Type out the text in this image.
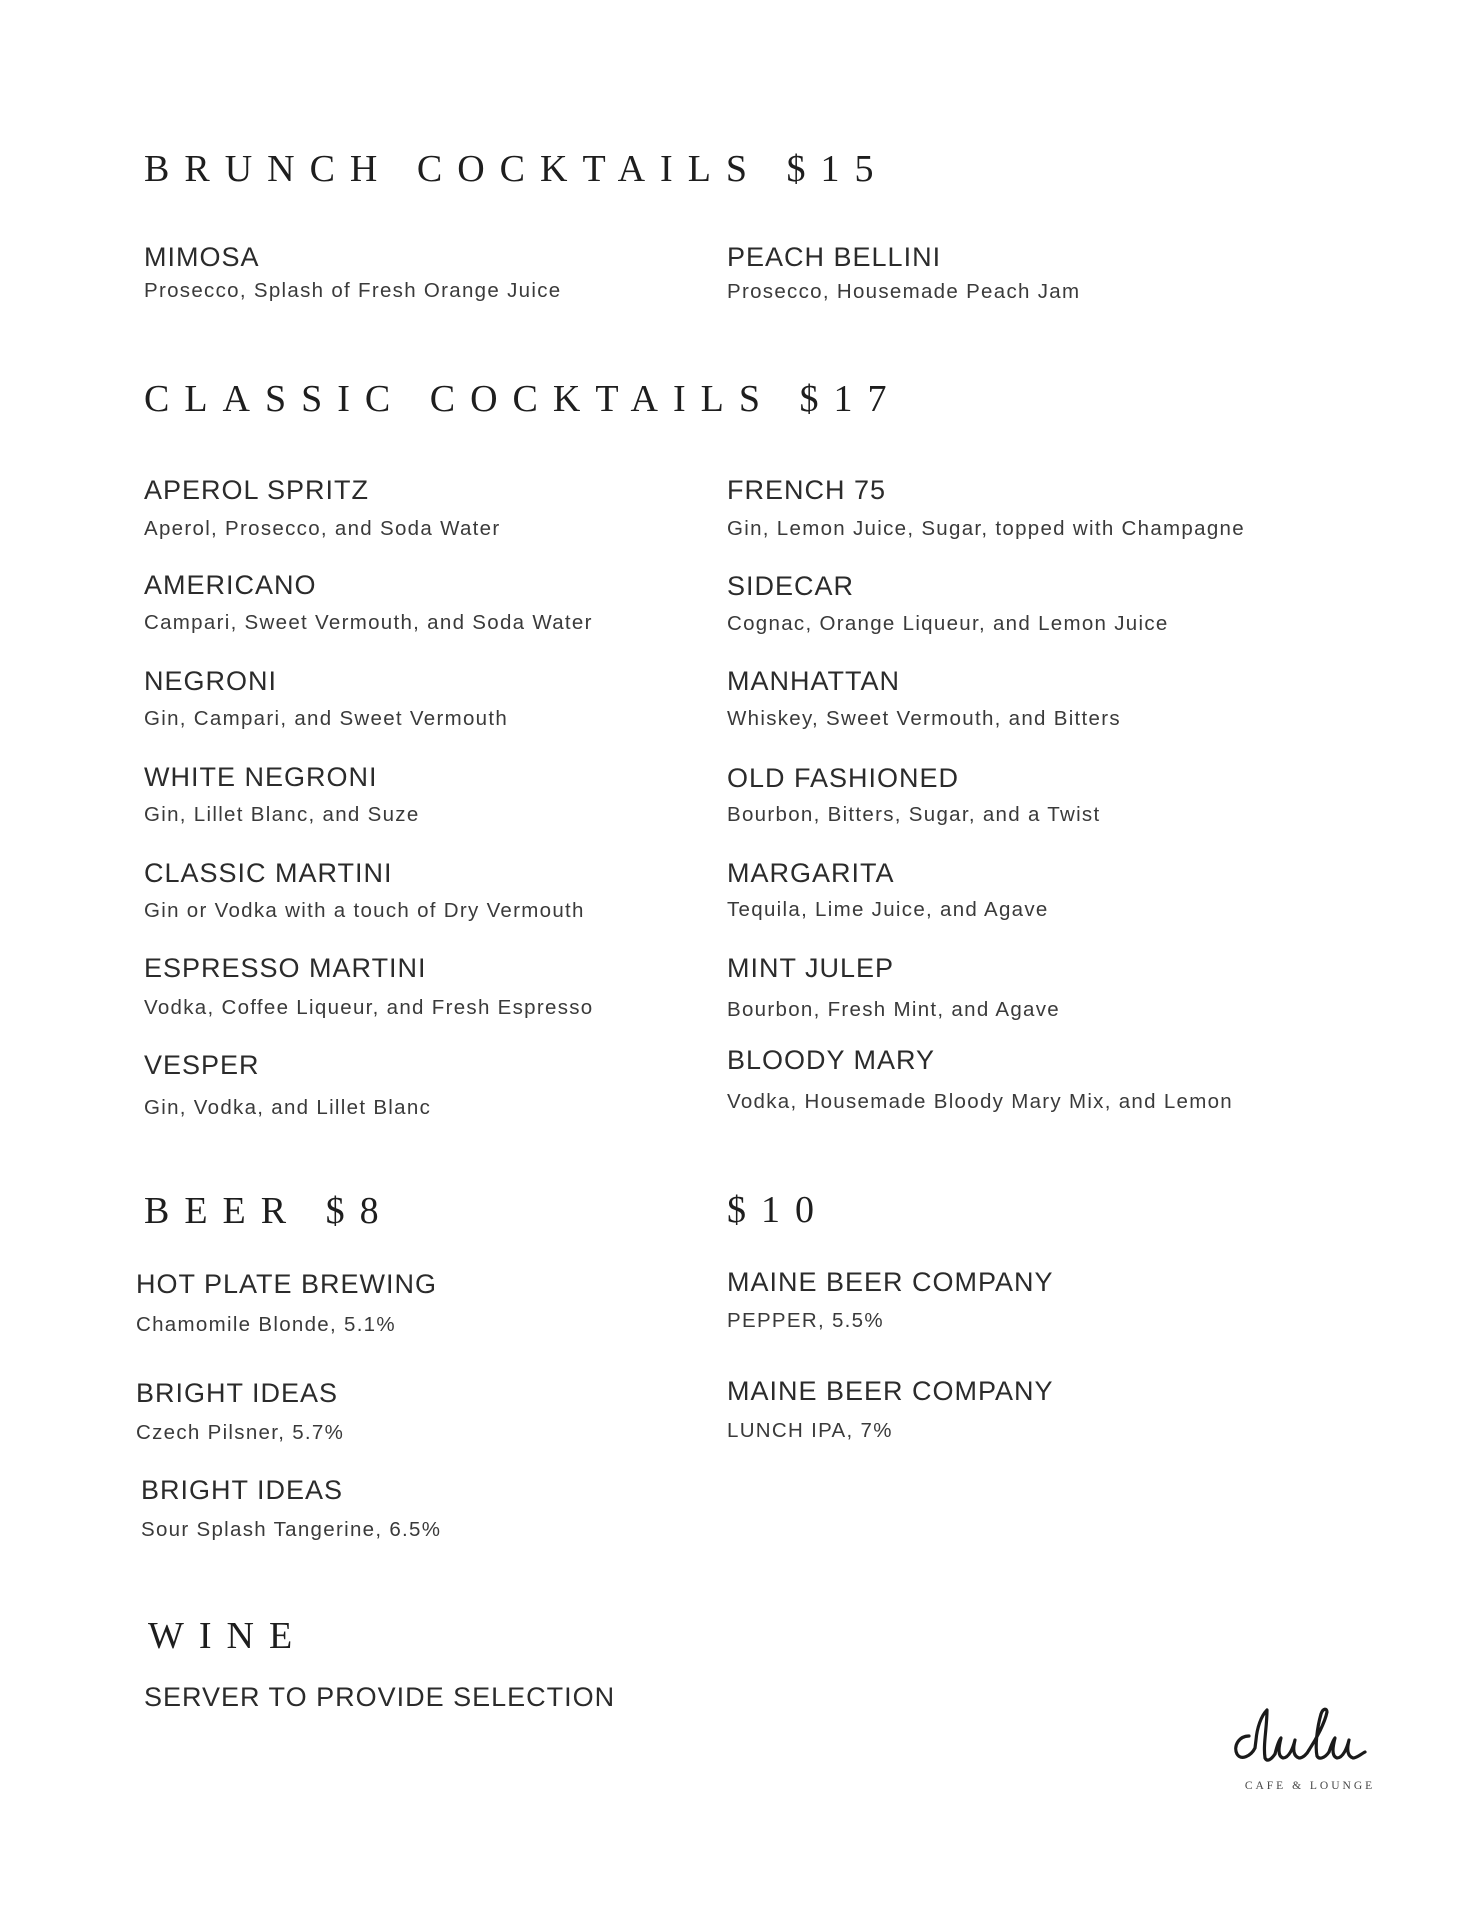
BRUNCH COCKTAILS $15
MIMOSA
Prosecco, Splash of Fresh Orange Juice
PEACH BELLINI
Prosecco, Housemade Peach Jam
CLASSIC COCKTAILS $17
APEROL SPRITZ
Aperol, Prosecco, and Soda Water
AMERICANO
Campari, Sweet Vermouth, and Soda Water
NEGRONI
Gin, Campari, and Sweet Vermouth
WHITE NEGRONI
Gin, Lillet Blanc, and Suze
CLASSIC MARTINI
Gin or Vodka with a touch of Dry Vermouth
ESPRESSO MARTINI
Vodka, Coffee Liqueur, and Fresh Espresso
VESPER
Gin, Vodka, and Lillet Blanc
FRENCH 75
Gin, Lemon Juice, Sugar, topped with Champagne
SIDECAR
Cognac, Orange Liqueur, and Lemon Juice
MANHATTAN
Whiskey, Sweet Vermouth, and Bitters
OLD FASHIONED
Bourbon, Bitters, Sugar, and a Twist
MARGARITA
Tequila, Lime Juice, and Agave
MINT JULEP
Bourbon, Fresh Mint, and Agave
BLOODY MARY
Vodka, Housemade Bloody Mary Mix, and Lemon
BEER $8	$10
HOT PLATE BREWING
Chamomile Blonde, 5.1%
BRIGHT IDEAS
Czech Pilsner, 5.7%
BRIGHT IDEAS
Sour Splash Tangerine, 6.5%
MAINE BEER COMPANY
PEPPER, 5.5%
MAINE BEER COMPANY
LUNCH IPA, 7%
WINE
SERVER TO PROVIDE SELECTION
CAFE & LOUNGE
